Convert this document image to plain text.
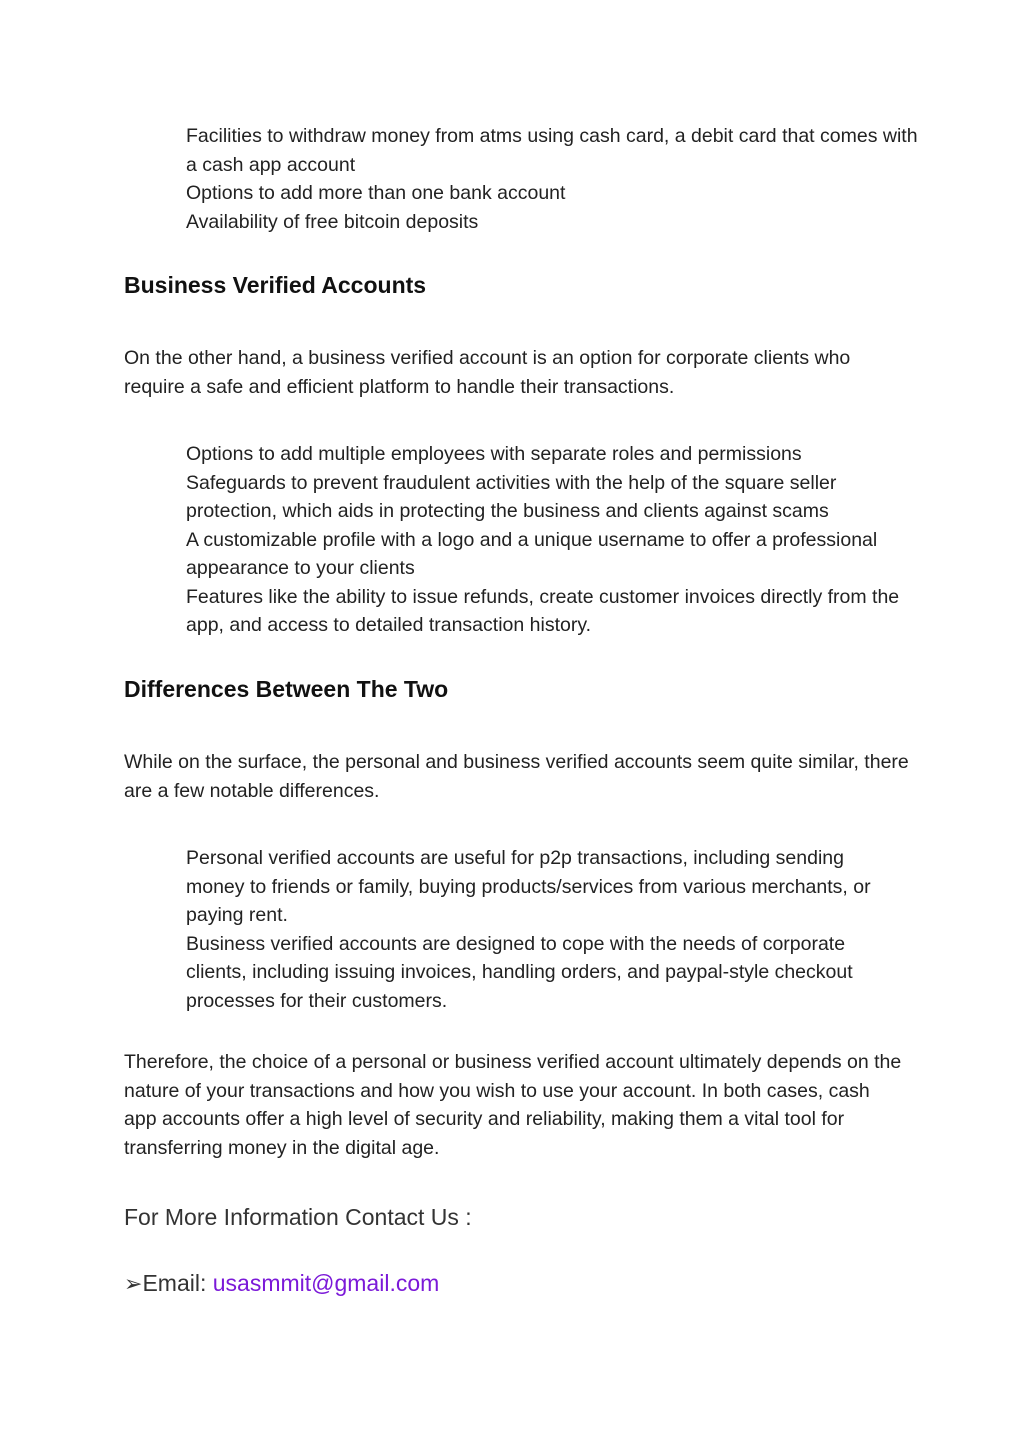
Facilities to withdraw money from atms using cash card, a debit card that comes with a cash app account

Options to add more than one bank account

Availability of free bitcoin deposits

Business Verified Accounts

On the other hand, a business verified account is an option for corporate clients who require a safe and efficient platform to handle their transactions.

Options to add multiple employees with separate roles and permissions

Safeguards to prevent fraudulent activities with the help of the square seller protection, which aids in protecting the business and clients against scams

A customizable profile with a logo and a unique username to offer a professional appearance to your clients

Features like the ability to issue refunds, create customer invoices directly from the app, and access to detailed transaction history.

Differences Between The Two

While on the surface, the personal and business verified accounts seem quite similar, there are a few notable differences.

Personal verified accounts are useful for p2p transactions, including sending money to friends or family, buying products/services from various merchants, or paying rent.

Business verified accounts are designed to cope with the needs of corporate clients, including issuing invoices, handling orders, and paypal-style checkout processes for their customers.

Therefore, the choice of a personal or business verified account ultimately depends on the nature of your transactions and how you wish to use your account. In both cases, cash app accounts offer a high level of security and reliability, making them a vital tool for transferring money in the digital age.

For More Information Contact Us :

➢Email: usasmmit@gmail.com
